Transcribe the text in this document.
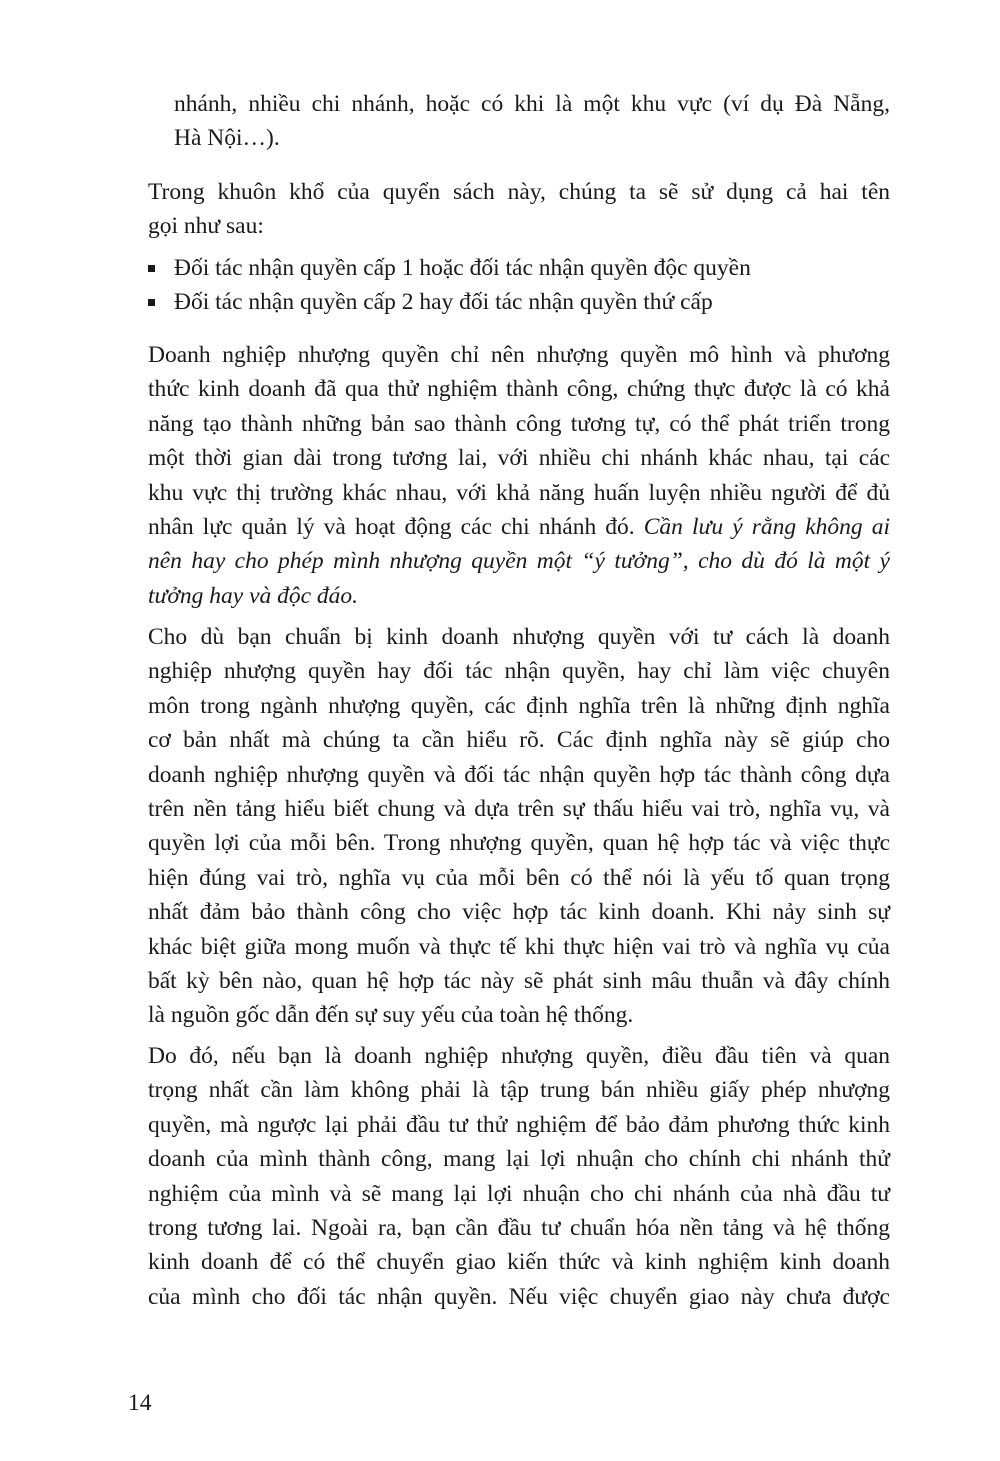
nhánh, nhiều chi nhánh, hoặc có khi là một khu vực (ví dụ Đà Nẵng,
Hà Nội…).
Trong khuôn khổ của quyển sách này, chúng ta sẽ sử dụng cả hai tên
gọi như sau:
Đối tác nhận quyền cấp 1 hoặc đối tác nhận quyền độc quyền
Đối tác nhận quyền cấp 2 hay đối tác nhận quyền thứ cấp
Doanh nghiệp nhượng quyền chỉ nên nhượng quyền mô hình và phương
thức kinh doanh đã qua thử nghiệm thành công, chứng thực được là có khả
năng tạo thành những bản sao thành công tương tự, có thể phát triển trong
một thời gian dài trong tương lai, với nhiều chi nhánh khác nhau, tại các
khu vực thị trường khác nhau, với khả năng huấn luyện nhiều người để đủ
nhân lực quản lý và hoạt động các chi nhánh đó. Cần lưu ý rằng không ai
nên hay cho phép mình nhượng quyền một “ý tưởng”, cho dù đó là một ý
tưởng hay và độc đáo.
Cho dù bạn chuẩn bị kinh doanh nhượng quyền với tư cách là doanh
nghiệp nhượng quyền hay đối tác nhận quyền, hay chỉ làm việc chuyên
môn trong ngành nhượng quyền, các định nghĩa trên là những định nghĩa
cơ bản nhất mà chúng ta cần hiểu rõ. Các định nghĩa này sẽ giúp cho
doanh nghiệp nhượng quyền và đối tác nhận quyền hợp tác thành công dựa
trên nền tảng hiểu biết chung và dựa trên sự thấu hiểu vai trò, nghĩa vụ, và
quyền lợi của mỗi bên. Trong nhượng quyền, quan hệ hợp tác và việc thực
hiện đúng vai trò, nghĩa vụ của mỗi bên có thể nói là yếu tố quan trọng
nhất đảm bảo thành công cho việc hợp tác kinh doanh. Khi nảy sinh sự
khác biệt giữa mong muốn và thực tế khi thực hiện vai trò và nghĩa vụ của
bất kỳ bên nào, quan hệ hợp tác này sẽ phát sinh mâu thuẫn và đây chính
là nguồn gốc dẫn đến sự suy yếu của toàn hệ thống.
Do đó, nếu bạn là doanh nghiệp nhượng quyền, điều đầu tiên và quan
trọng nhất cần làm không phải là tập trung bán nhiều giấy phép nhượng
quyền, mà ngược lại phải đầu tư thử nghiệm để bảo đảm phương thức kinh
doanh của mình thành công, mang lại lợi nhuận cho chính chi nhánh thử
nghiệm của mình và sẽ mang lại lợi nhuận cho chi nhánh của nhà đầu tư
trong tương lai. Ngoài ra, bạn cần đầu tư chuẩn hóa nền tảng và hệ thống
kinh doanh để có thể chuyển giao kiến thức và kinh nghiệm kinh doanh
của mình cho đối tác nhận quyền. Nếu việc chuyển giao này chưa được
14
